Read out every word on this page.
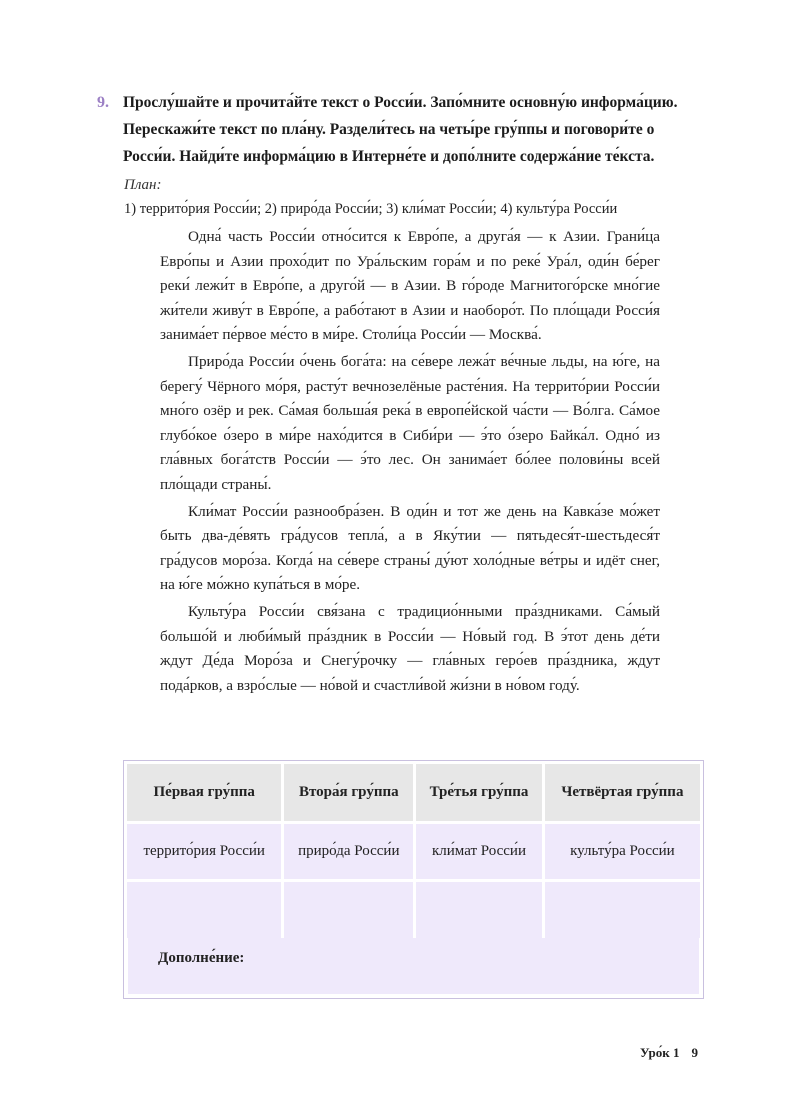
9. Прослу́шайте и прочита́йте текст о Росси́и. Запо́мните основну́ю информа́цию.
Перескажи́те текст по пла́ну. Раздели́тесь на четы́ре гру́ппы и поговори́те о
Росси́и. Найди́те информа́цию в Интерне́те и допо́лните содержа́ние те́кста.
План:
1) террито́рия Росси́и; 2) приро́да Росси́и; 3) кли́мат Росси́и; 4) культу́ра Росси́и

Одна́ часть Росси́и отно́сится к Евро́пе, а друга́я — к Азии. Грани́ца Евро́пы и Азии прохо́дит по Ура́льским гора́м и по реке́ Ура́л, оди́н бе́рег реки́ лежи́т в Евро́пе, а друго́й — в Азии. В го́роде Магнитого́рске мно́гие жи́тели живу́т в Евро́пе, а рабо́тают в Азии и наоборо́т. По пло́щади Росси́я занима́ет пе́рвое ме́сто в ми́ре. Столи́ца Росси́и — Москва́.

Приро́да Росси́и о́чень бога́та: на се́вере лежа́т ве́чные льды, на ю́ге, на берегу́ Чёрного мо́ря, расту́т вечнозелёные расте́ния. На террито́рии Росси́и мно́го озёр и рек. Са́мая больша́я река́ в европе́йской ча́сти — Во́лга. Са́мое глубо́кое о́зеро в ми́ре нахо́дится в Сиби́ри — э́то о́зеро Байка́л. Одно́ из гла́вных бога́тств Росси́и — э́то лес. Он занима́ет бо́лее полови́ны всей пло́щади страны́.

Кли́мат Росси́и разнообра́зен. В оди́н и тот же день на Кавка́зе мо́жет быть два-де́вять гра́дусов тепла́, а в Яку́тии — пятьдеся́т-шестьдеся́т гра́дусов моро́за. Когда́ на се́вере страны́ ду́ют холо́дные ве́тры и идёт снег, на ю́ге мо́жно купа́ться в мо́ре.

Культу́ра Росси́и свя́зана с традицио́нными пра́здниками. Са́мый большо́й и люби́мый пра́здник в Росси́и — Но́вый год. В э́тот день де́ти ждут Де́да Моро́за и Снегу́рочку — гла́вных геро́ев пра́здника, ждут пода́рков, а взро́слые — но́вой и счастли́вой жи́зни в но́вом году́.

Пе́рвая гру́ппа	Втора́я гру́ппа	Тре́тья гру́ппа	Четвёртая гру́ппа
террито́рия Росси́и	приро́да Росси́и	кли́мат Росси́и	культу́ра Росси́и

Дополне́ние:
Уро́к 1 9
